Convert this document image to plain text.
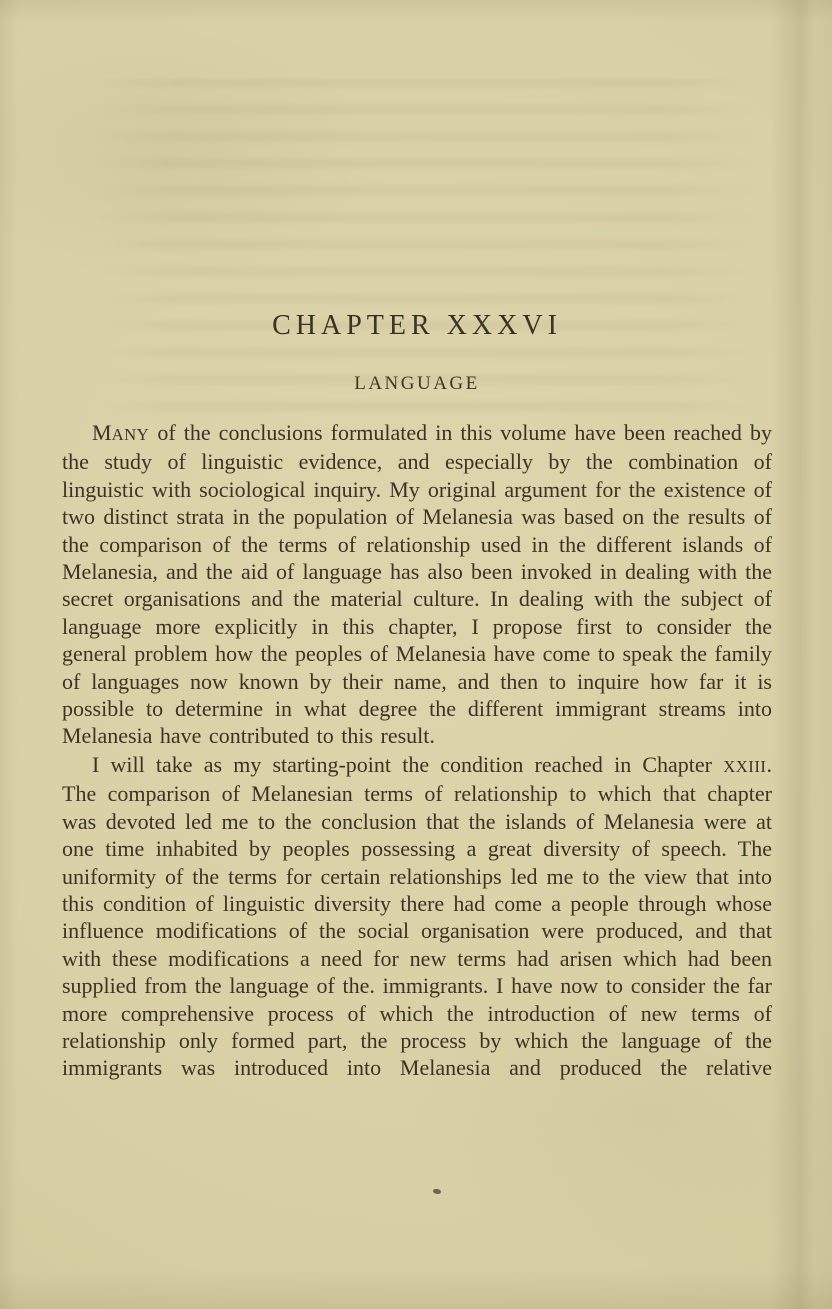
CHAPTER XXXVI
LANGUAGE

MANY of the conclusions formulated in this volume have been reached by the study of linguistic evidence, and especially by the combination of linguistic with sociological inquiry. My original argument for the existence of two distinct strata in the population of Melanesia was based on the results of the comparison of the terms of relationship used in the different islands of Melanesia, and the aid of language has also been invoked in dealing with the secret organisations and the material culture. In dealing with the subject of language more explicitly in this chapter, I propose first to consider the general problem how the peoples of Melanesia have come to speak the family of languages now known by their name, and then to inquire how far it is possible to determine in what degree the different immigrant streams into Melanesia have contributed to this result.

I will take as my starting-point the condition reached in Chapter XXIII. The comparison of Melanesian terms of relationship to which that chapter was devoted led me to the conclusion that the islands of Melanesia were at one time inhabited by peoples possessing a great diversity of speech. The uniformity of the terms for certain relationships led me to the view that into this condition of linguistic diversity there had come a people through whose influence modifications of the social organisation were produced, and that with these modifications a need for new terms had arisen which had been supplied from the language of the. immigrants. I have now to consider the far more comprehensive process of which the introduction of new terms of relationship only formed part, the process by which the language of the immigrants was introduced into Melanesia and produced the relative
